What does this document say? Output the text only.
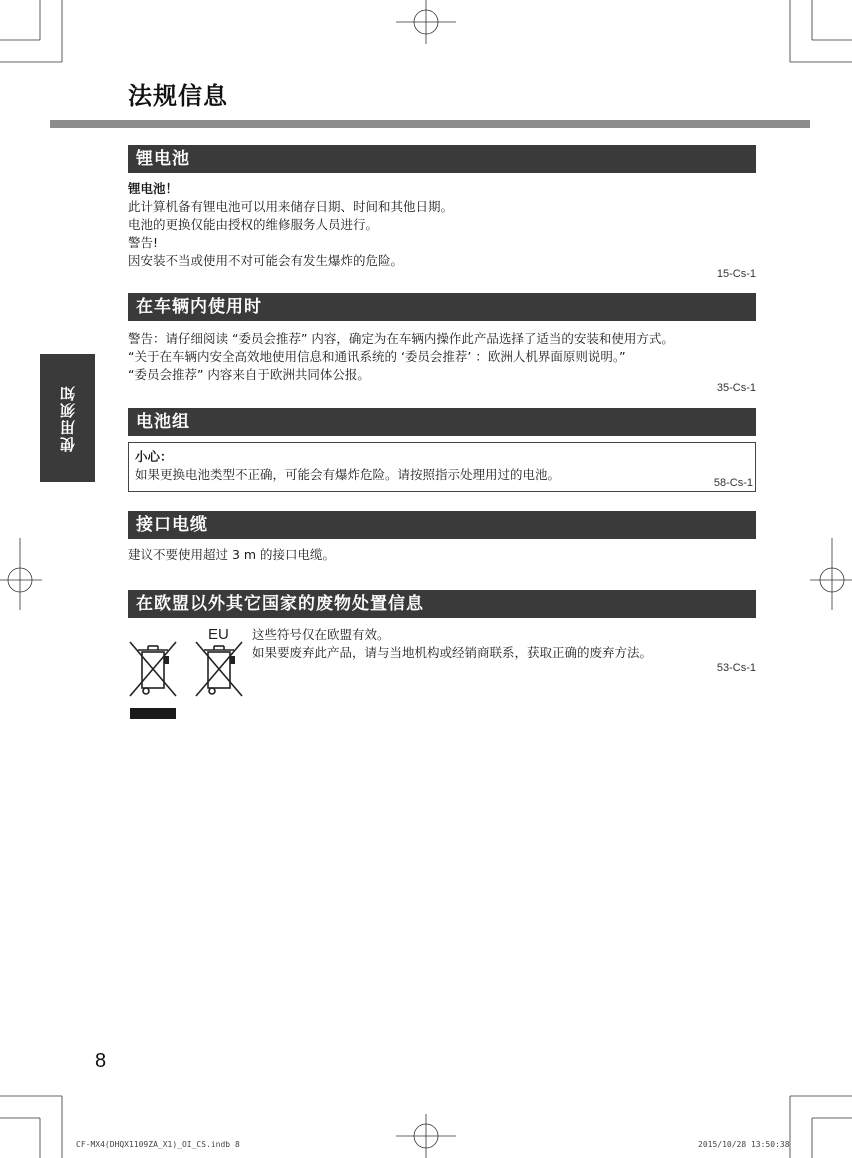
法规信息
使用须知
锂电池
锂电池！
此计算机备有锂电池可以用来储存日期、时间和其他日期。
电池的更换仅能由授权的维修服务人员进行。
警告!
因安装不当或使用不对可能会有发生爆炸的危险。
15-Cs-1
在车辆内使用时
警告：请仔细阅读 “委员会推荐” 内容，确定为在车辆内操作此产品选择了适当的安装和使用方式。
“关于在车辆内安全高效地使用信息和通讯系统的 ‘委员会推荐’ ：欧洲人机界面原则说明。”
“委员会推荐” 内容来自于欧洲共同体公报。
35-Cs-1
电池组
小心：
如果更换电池类型不正确，可能会有爆炸危险。请按照指示处理用过的电池。
58-Cs-1
接口电缆
建议不要使用超过 3 m 的接口电缆。
在欧盟以外其它国家的废物处置信息
EU 这些符号仅在欧盟有效。
如果要废弃此产品，请与当地机构或经销商联系，获取正确的废弃方法。
53-Cs-1
8
CF-MX4(DHQX1109ZA_X1)_OI_CS.indb 8	2015/10/28 13:50:38
